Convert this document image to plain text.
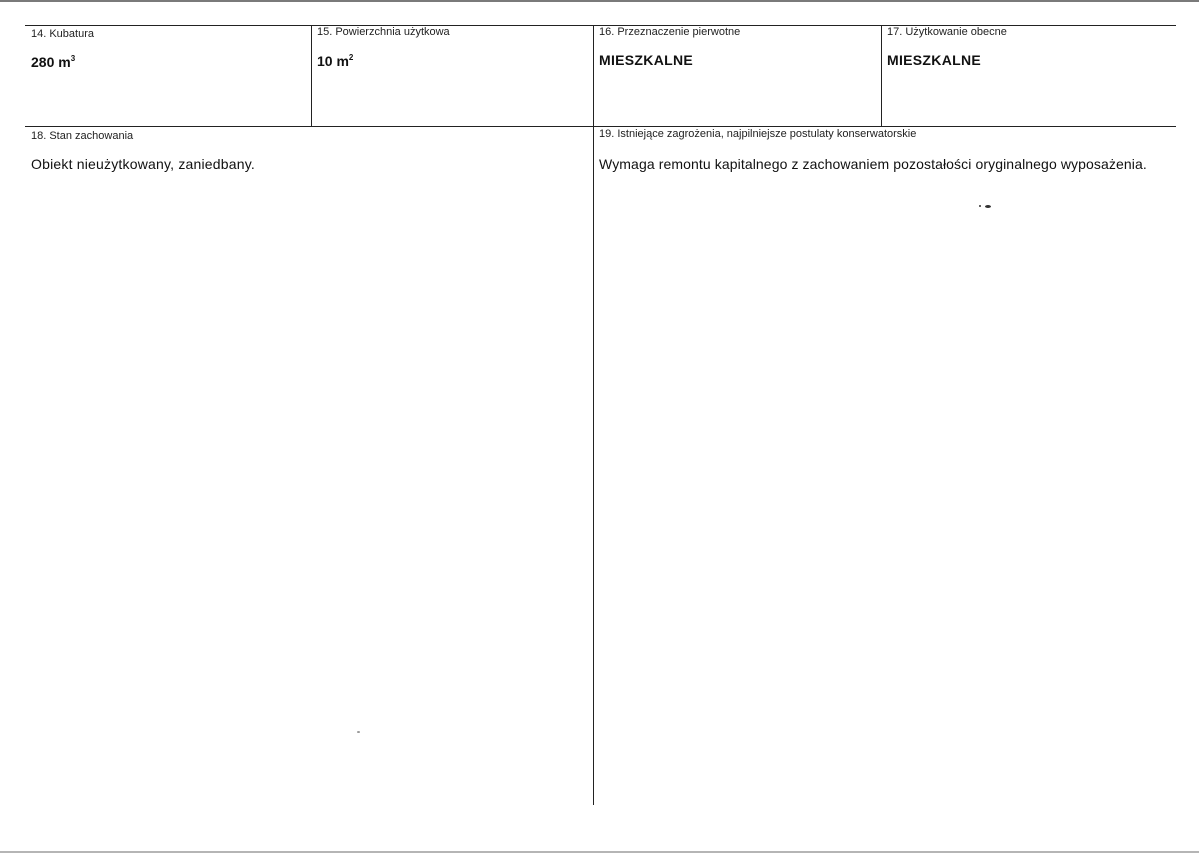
14. Kubatura
280 $m^3$
15. Powierzchnia użytkowa
10 $m^2$
16. Przeznaczenie pierwotne
MIESZKALNE
17. Użytkowanie obecne
MIESZKALNE
18. Stan zachowania
Obiekt nieużytkowany, zaniedbany.
19. Istniejące zagrożenia, najpilniejsze postulaty konserwatorskie
Wymaga remontu kapitalnego z zachowaniem pozostałości oryginalnego wyposażenia.
